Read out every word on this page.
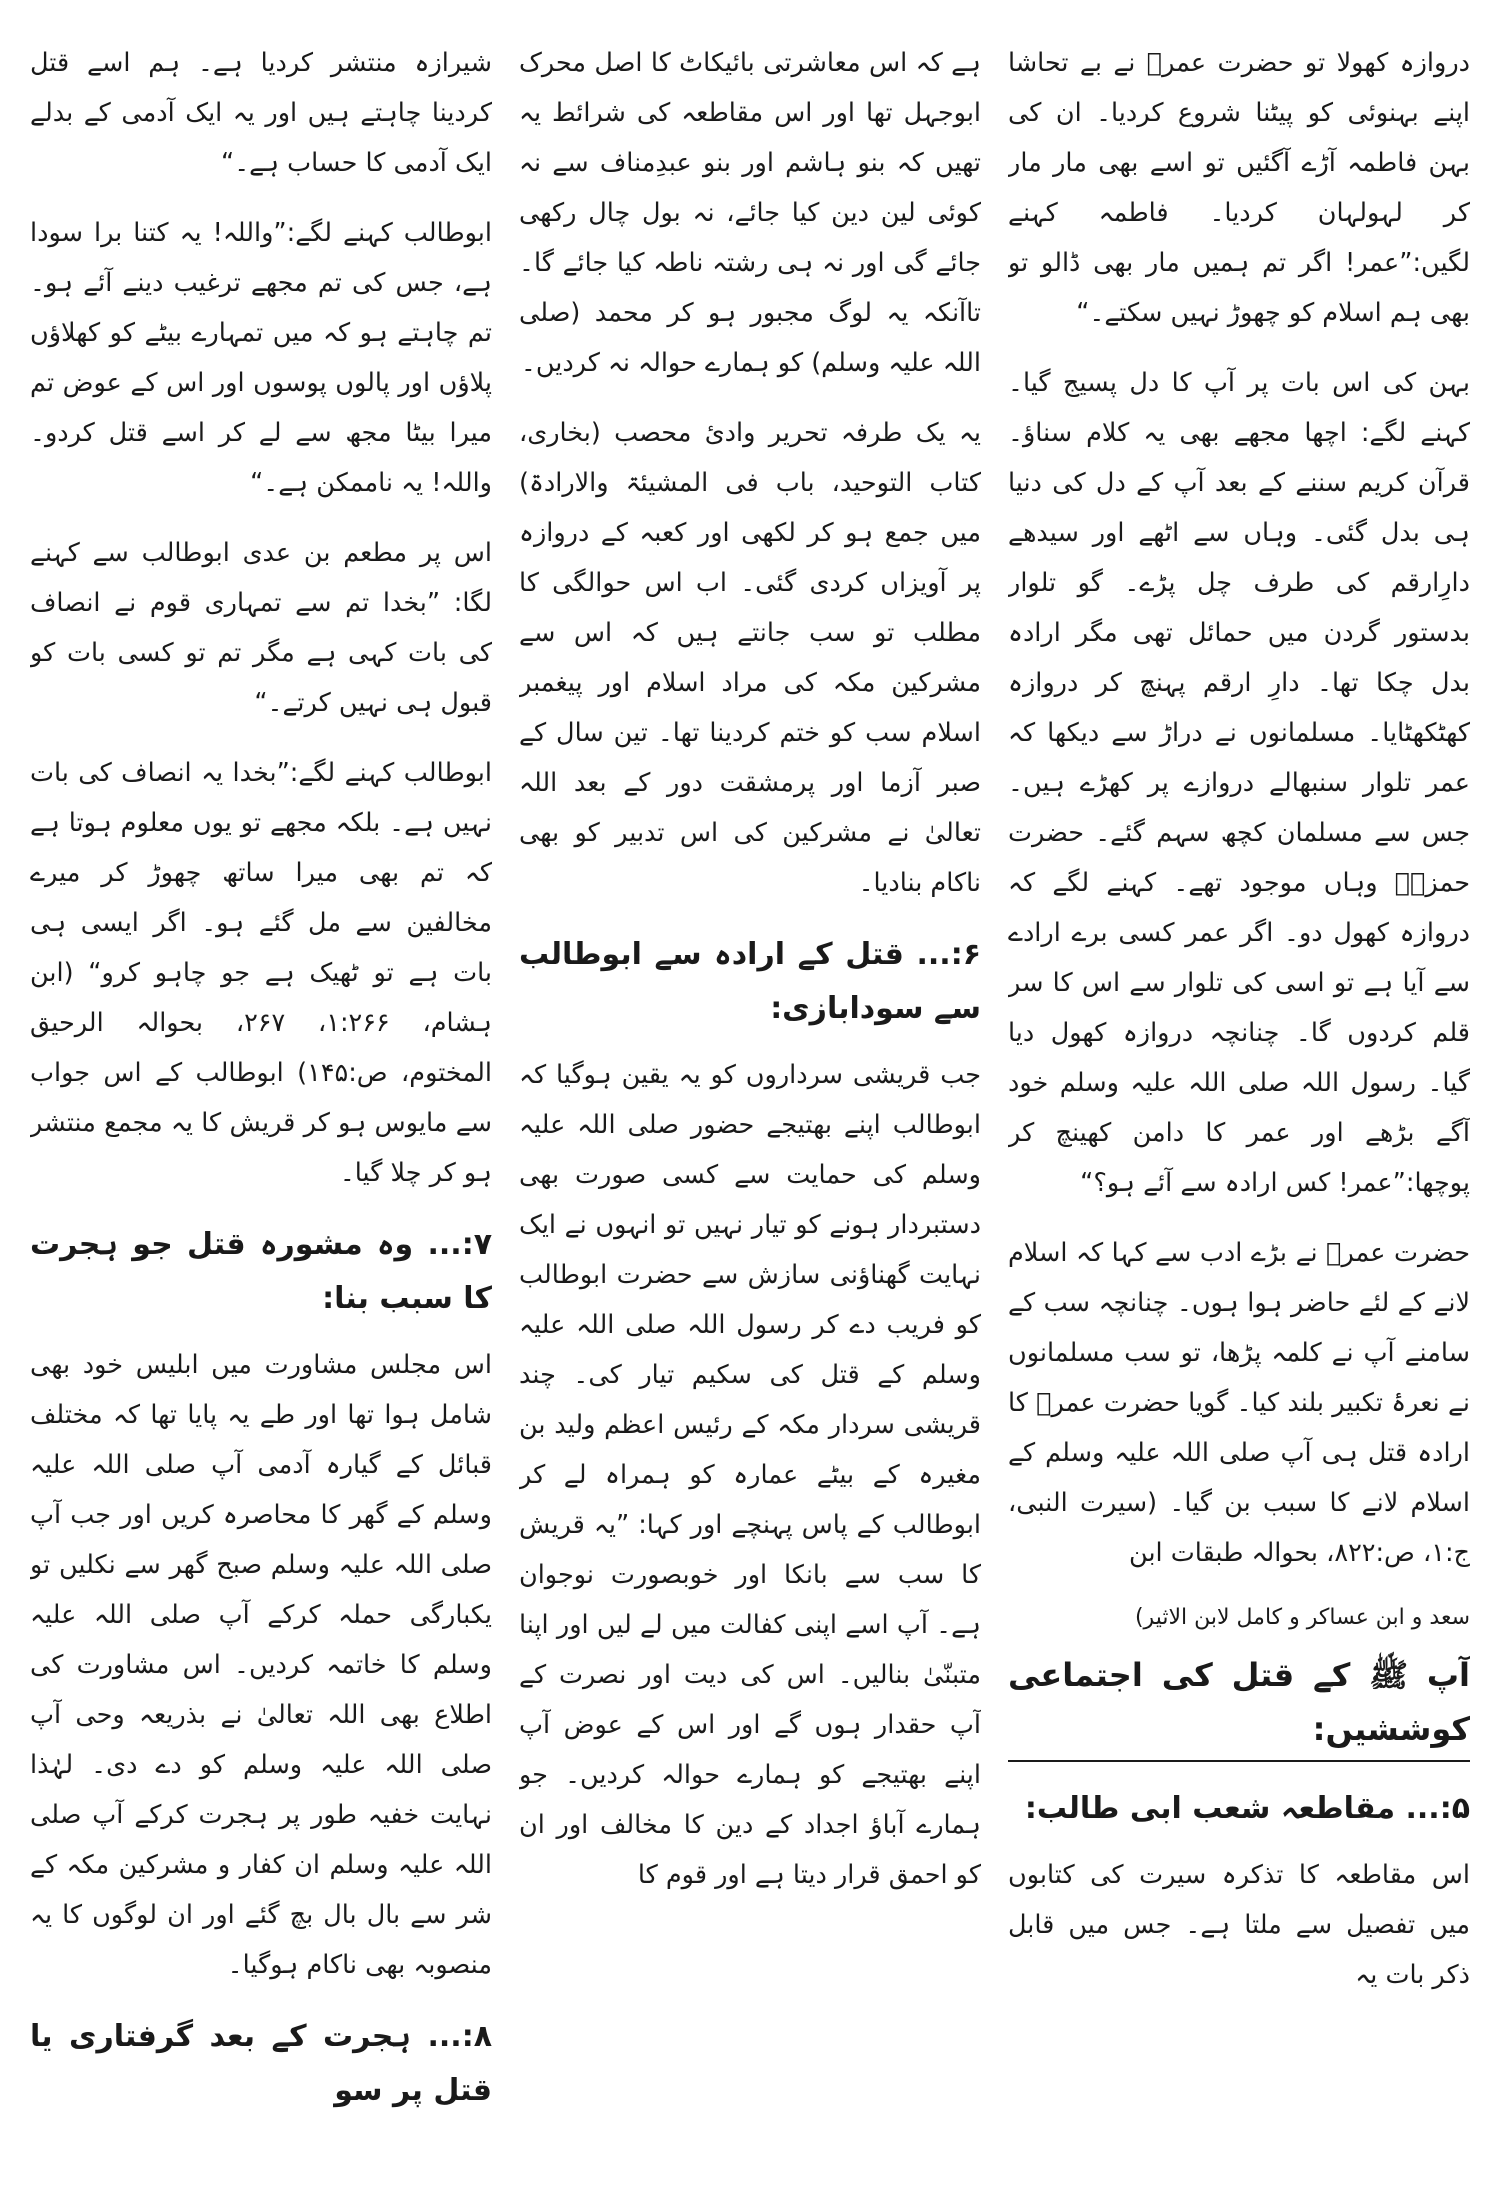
دروازہ کھولا تو حضرت عمرؓ نے بے تحاشا اپنے بہنوئی کو پیٹنا شروع کردیا۔ ان کی بہن فاطمہ آڑے آگئیں تو اسے بھی مار مار کر لہولہان کردیا۔ فاطمہ کہنے لگیں:”عمر! اگر تم ہمیں مار بھی ڈالو تو بھی ہم اسلام کو چھوڑ نہیں سکتے۔“

بہن کی اس بات پر آپ کا دل پسیج گیا۔ کہنے لگے: اچھا مجھے بھی یہ کلام سناؤ۔ قرآن کریم سننے کے بعد آپ کے دل کی دنیا ہی بدل گئی۔ وہاں سے اٹھے اور سیدھے دارِارقم کی طرف چل پڑے۔ گو تلوار بدستور گردن میں حمائل تھی مگر ارادہ بدل چکا تھا۔ دارِ ارقم پہنچ کر دروازہ کھٹکھٹایا۔ مسلمانوں نے دراڑ سے دیکھا کہ عمر تلوار سنبھالے دروازے پر کھڑے ہیں۔ جس سے مسلمان کچھ سہم گئے۔ حضرت حمزہؓ وہاں موجود تھے۔ کہنے لگے کہ دروازہ کھول دو۔ اگر عمر کسی برے ارادے سے آیا ہے تو اسی کی تلوار سے اس کا سر قلم کردوں گا۔ چنانچہ دروازہ کھول دیا گیا۔ رسول اللہ صلی اللہ علیہ وسلم خود آگے بڑھے اور عمر کا دامن کھینچ کر پوچھا:”عمر! کس ارادہ سے آئے ہو؟“

حضرت عمرؓ نے بڑے ادب سے کہا کہ اسلام لانے کے لئے حاضر ہوا ہوں۔ چنانچہ سب کے سامنے آپ نے کلمہ پڑھا، تو سب مسلمانوں نے نعرۂ تکبیر بلند کیا۔ گویا حضرت عمرؓ کا ارادہ قتل ہی آپ صلی اللہ علیہ وسلم کے اسلام لانے کا سبب بن گیا۔ (سیرت النبی، ج:۱، ص:۸۲۲، بحوالہ طبقات ابن

سعد و ابن عساکر و کامل لابن الاثیر)

آپ ﷺ کے قتل کی اجتماعی کوششیں:
۵:... مقاطعہ شعب ابی طالب:

اس مقاطعہ کا تذکرہ سیرت کی کتابوں میں تفصیل سے ملتا ہے۔ جس میں قابل ذکر بات یہ

ہے کہ اس معاشرتی بائیکاٹ کا اصل محرک ابوجہل تھا اور اس مقاطعہ کی شرائط یہ تھیں کہ بنو ہاشم اور بنو عبدِمناف سے نہ کوئی لین دین کیا جائے، نہ بول چال رکھی جائے گی اور نہ ہی رشتہ ناطہ کیا جائے گا۔ تاآنکہ یہ لوگ مجبور ہو کر محمد (صلی اللہ علیہ وسلم) کو ہمارے حوالہ نہ کردیں۔

یہ یک طرفہ تحریر وادیٔ محصب (بخاری، کتاب التوحید، باب فی المشیئۃ والارادۃ) میں جمع ہو کر لکھی اور کعبہ کے دروازہ پر آویزاں کردی گئی۔ اب اس حوالگی کا مطلب تو سب جانتے ہیں کہ اس سے مشرکین مکہ کی مراد اسلام اور پیغمبر اسلام سب کو ختم کردینا تھا۔ تین سال کے صبر آزما اور پرمشقت دور کے بعد اللہ تعالیٰ نے مشرکین کی اس تدبیر کو بھی ناکام بنادیا۔

۶:... قتل کے ارادہ سے ابوطالب سے سودابازی:

جب قریشی سرداروں کو یہ یقین ہوگیا کہ ابوطالب اپنے بھتیجے حضور صلی اللہ علیہ وسلم کی حمایت سے کسی صورت بھی دستبردار ہونے کو تیار نہیں تو انہوں نے ایک نہایت گھناؤنی سازش سے حضرت ابوطالب کو فریب دے کر رسول اللہ صلی اللہ علیہ وسلم کے قتل کی سکیم تیار کی۔ چند قریشی سردار مکہ کے رئیس اعظم ولید بن مغیرہ کے بیٹے عمارہ کو ہمراہ لے کر ابوطالب کے پاس پہنچے اور کہا: ”یہ قریش کا سب سے بانکا اور خوبصورت نوجوان ہے۔ آپ اسے اپنی کفالت میں لے لیں اور اپنا متبنّیٰ بنالیں۔ اس کی دیت اور نصرت کے آپ حقدار ہوں گے اور اس کے عوض آپ اپنے بھتیجے کو ہمارے حوالہ کردیں۔ جو ہمارے آباؤ اجداد کے دین کا مخالف اور ان کو احمق قرار دیتا ہے اور قوم کا

شیرازہ منتشر کردیا ہے۔ ہم اسے قتل کردینا چاہتے ہیں اور یہ ایک آدمی کے بدلے ایک آدمی کا حساب ہے۔“

ابوطالب کہنے لگے:”واللہ! یہ کتنا برا سودا ہے، جس کی تم مجھے ترغیب دینے آئے ہو۔ تم چاہتے ہو کہ میں تمہارے بیٹے کو کھلاؤں پلاؤں اور پالوں پوسوں اور اس کے عوض تم میرا بیٹا مجھ سے لے کر اسے قتل کردو۔ واللہ! یہ ناممکن ہے۔“

اس پر مطعم بن عدی ابوطالب سے کہنے لگا: ”بخدا تم سے تمہاری قوم نے انصاف کی بات کہی ہے مگر تم تو کسی بات کو قبول ہی نہیں کرتے۔“

ابوطالب کہنے لگے:”بخدا یہ انصاف کی بات نہیں ہے۔ بلکہ مجھے تو یوں معلوم ہوتا ہے کہ تم بھی میرا ساتھ چھوڑ کر میرے مخالفین سے مل گئے ہو۔ اگر ایسی ہی بات ہے تو ٹھیک ہے جو چاہو کرو“ (ابن ہشام، ۱:۲۶۶، ۲۶۷، بحوالہ الرحیق المختوم، ص:۱۴۵) ابوطالب کے اس جواب سے مایوس ہو کر قریش کا یہ مجمع منتشر ہو کر چلا گیا۔

۷:... وہ مشورہ قتل جو ہجرت کا سبب بنا:

اس مجلس مشاورت میں ابلیس خود بھی شامل ہوا تھا اور طے یہ پایا تھا کہ مختلف قبائل کے گیارہ آدمی آپ صلی اللہ علیہ وسلم کے گھر کا محاصرہ کریں اور جب آپ صلی اللہ علیہ وسلم صبح گھر سے نکلیں تو یکبارگی حملہ کرکے آپ صلی اللہ علیہ وسلم کا خاتمہ کردیں۔ اس مشاورت کی اطلاع بھی اللہ تعالیٰ نے بذریعہ وحی آپ صلی اللہ علیہ وسلم کو دے دی۔ لہٰذا نہایت خفیہ طور پر ہجرت کرکے آپ صلی اللہ علیہ وسلم ان کفار و مشرکین مکہ کے شر سے بال بال بچ گئے اور ان لوگوں کا یہ منصوبہ بھی ناکام ہوگیا۔

۸:... ہجرت کے بعد گرفتاری یا قتل پر سو
